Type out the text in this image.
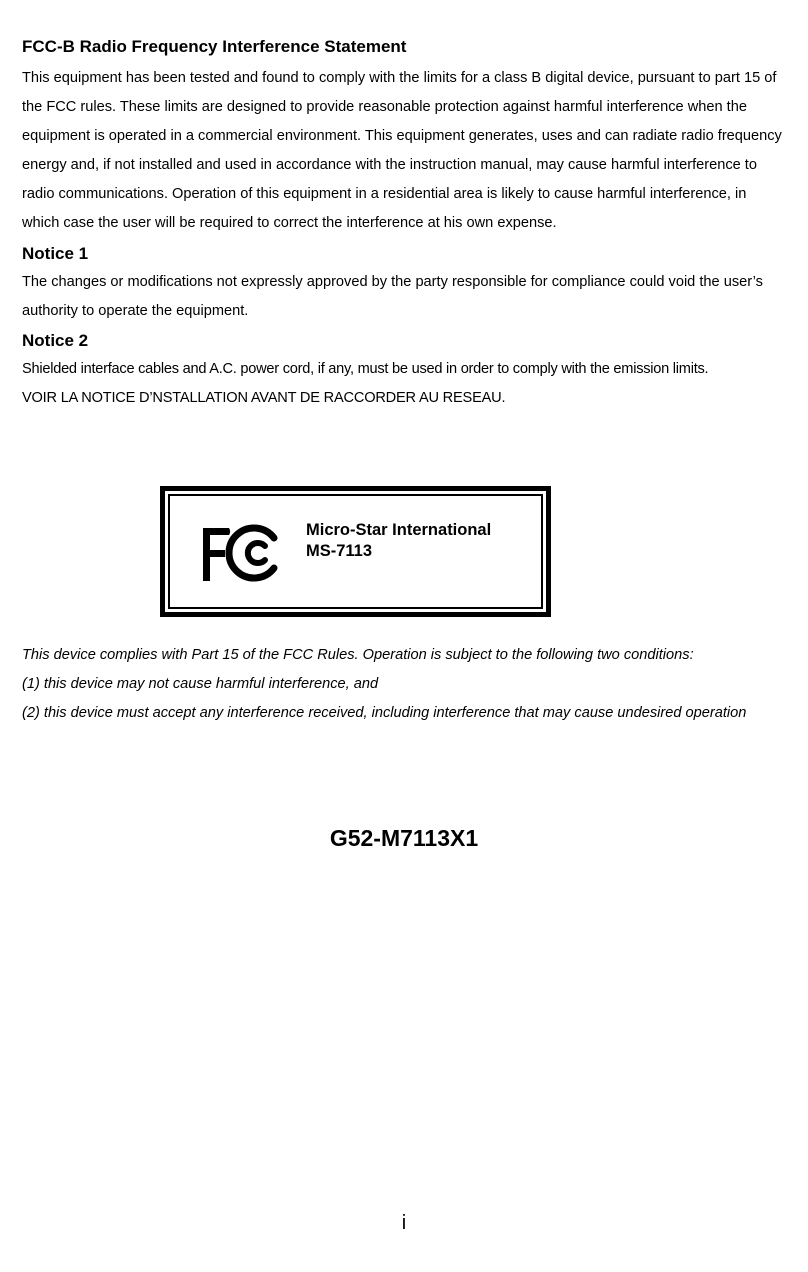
FCC-B Radio Frequency Interference Statement

This equipment has been tested and found to comply with the limits for a class B digital device, pursuant to part 15 of the FCC rules. These limits are designed to provide reasonable protection against harmful interference when the equipment is operated in a commercial environment. This equipment generates, uses and can radiate radio frequency energy and, if not installed and used in accordance with the instruction manual, may cause harmful interference to radio communications. Operation of this equipment in a residential area is likely to cause harmful interference, in which case the user will be required to correct the interference at his own expense.

Notice 1

The changes or modifications not expressly approved by the party responsible for compliance could void the user’s authority to operate the equipment.

Notice 2

Shielded interface cables and A.C. power cord, if any, must be used in order to comply with the emission limits.

VOIR LA NOTICE D’NSTALLATION AVANT DE RACCORDER AU RESEAU.

Micro-Star International
MS-7113

This device complies with Part 15 of the FCC Rules. Operation is subject to the following two conditions:

(1) this device may not cause harmful interference, and

(2) this device must accept any interference received, including interference that may cause undesired operation

G52-M7113X1
i
